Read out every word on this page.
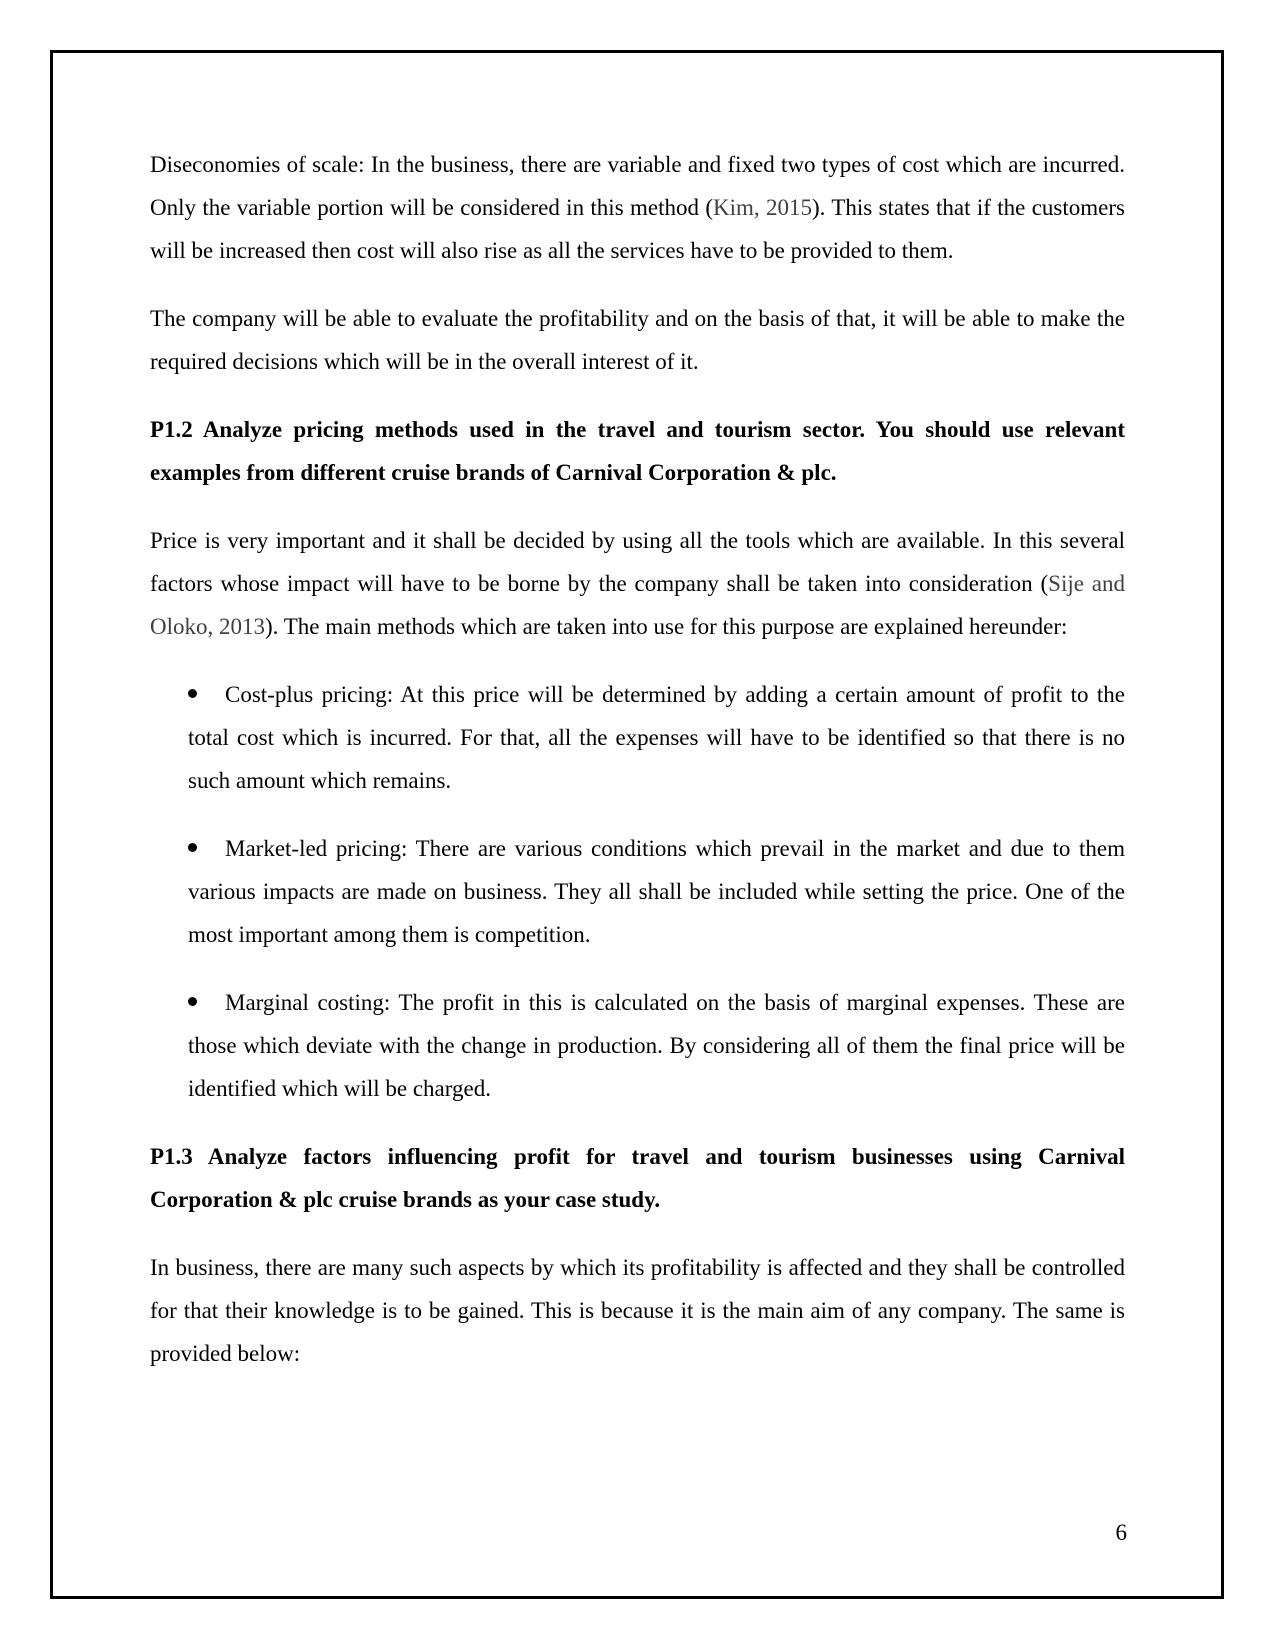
Diseconomies of scale: In the business, there are variable and fixed two types of cost which are incurred. Only the variable portion will be considered in this method (Kim, 2015). This states that if the customers will be increased then cost will also rise as all the services have to be provided to them.

The company will be able to evaluate the profitability and on the basis of that, it will be able to make the required decisions which will be in the overall interest of it.

P1.2 Analyze pricing methods used in the travel and tourism sector. You should use relevant examples from different cruise brands of Carnival Corporation & plc.

Price is very important and it shall be decided by using all the tools which are available. In this several factors whose impact will have to be borne by the company shall be taken into consideration (Sije and Oloko, 2013). The main methods which are taken into use for this purpose are explained hereunder:

Cost-plus pricing: At this price will be determined by adding a certain amount of profit to the total cost which is incurred. For that, all the expenses will have to be identified so that there is no such amount which remains.
Market-led pricing: There are various conditions which prevail in the market and due to them various impacts are made on business. They all shall be included while setting the price. One of the most important among them is competition.
Marginal costing: The profit in this is calculated on the basis of marginal expenses. These are those which deviate with the change in production. By considering all of them the final price will be identified which will be charged.

P1.3 Analyze factors influencing profit for travel and tourism businesses using Carnival Corporation & plc cruise brands as your case study.

In business, there are many such aspects by which its profitability is affected and they shall be controlled for that their knowledge is to be gained. This is because it is the main aim of any company. The same is provided below:

6
